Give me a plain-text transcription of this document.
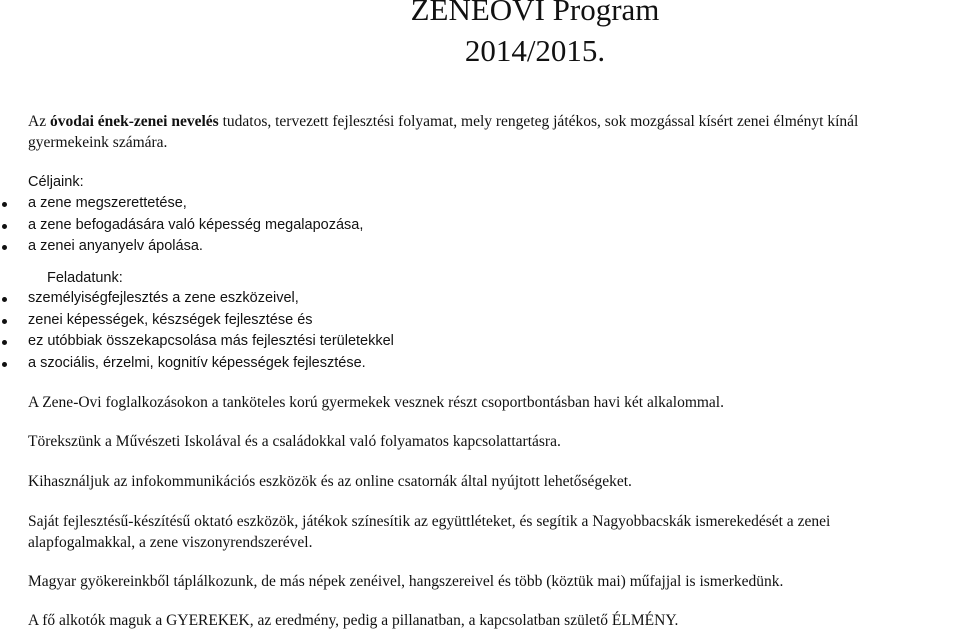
ZENEOVI Program
2014/2015.

Az óvodai ének-zenei nevelés tudatos, tervezett fejlesztési folyamat, mely rengeteg játékos, sok mozgással kísért zenei élményt kínál gyermekeink számára.

Céljaink:

a zene megszerettetése,
a zene befogadására való képesség megalapozása,
a zenei anyanyelv ápolása.

Feladatunk:

személyiségfejlesztés a zene eszközeivel,
zenei képességek, készségek fejlesztése és
ez utóbbiak összekapcsolása más fejlesztési területekkel
a szociális, érzelmi, kognitív képességek fejlesztése.

A Zene-Ovi foglalkozásokon a tanköteles korú gyermekek vesznek részt csoportbontásban havi két alkalommal.

Törekszünk a Művészeti Iskolával és a családokkal való folyamatos kapcsolattartásra.

Kihasználjuk az infokommunikációs eszközök és az online csatornák által nyújtott lehetőségeket.

Saját fejlesztésű-készítésű oktató eszközök, játékok színesítik az együttléteket, és segítik a Nagyobbacskák ismerekedését a zenei alapfogalmakkal, a zene viszonyrendszerével.

Magyar gyökereinkből táplálkozunk, de más népek zenéivel, hangszereivel és több (köztük mai) műfajjal is ismerkedünk.

A fő alkotók maguk a GYEREKEK, az eredmény, pedig a pillanatban, a kapcsolatban születő ÉLMÉNY.
